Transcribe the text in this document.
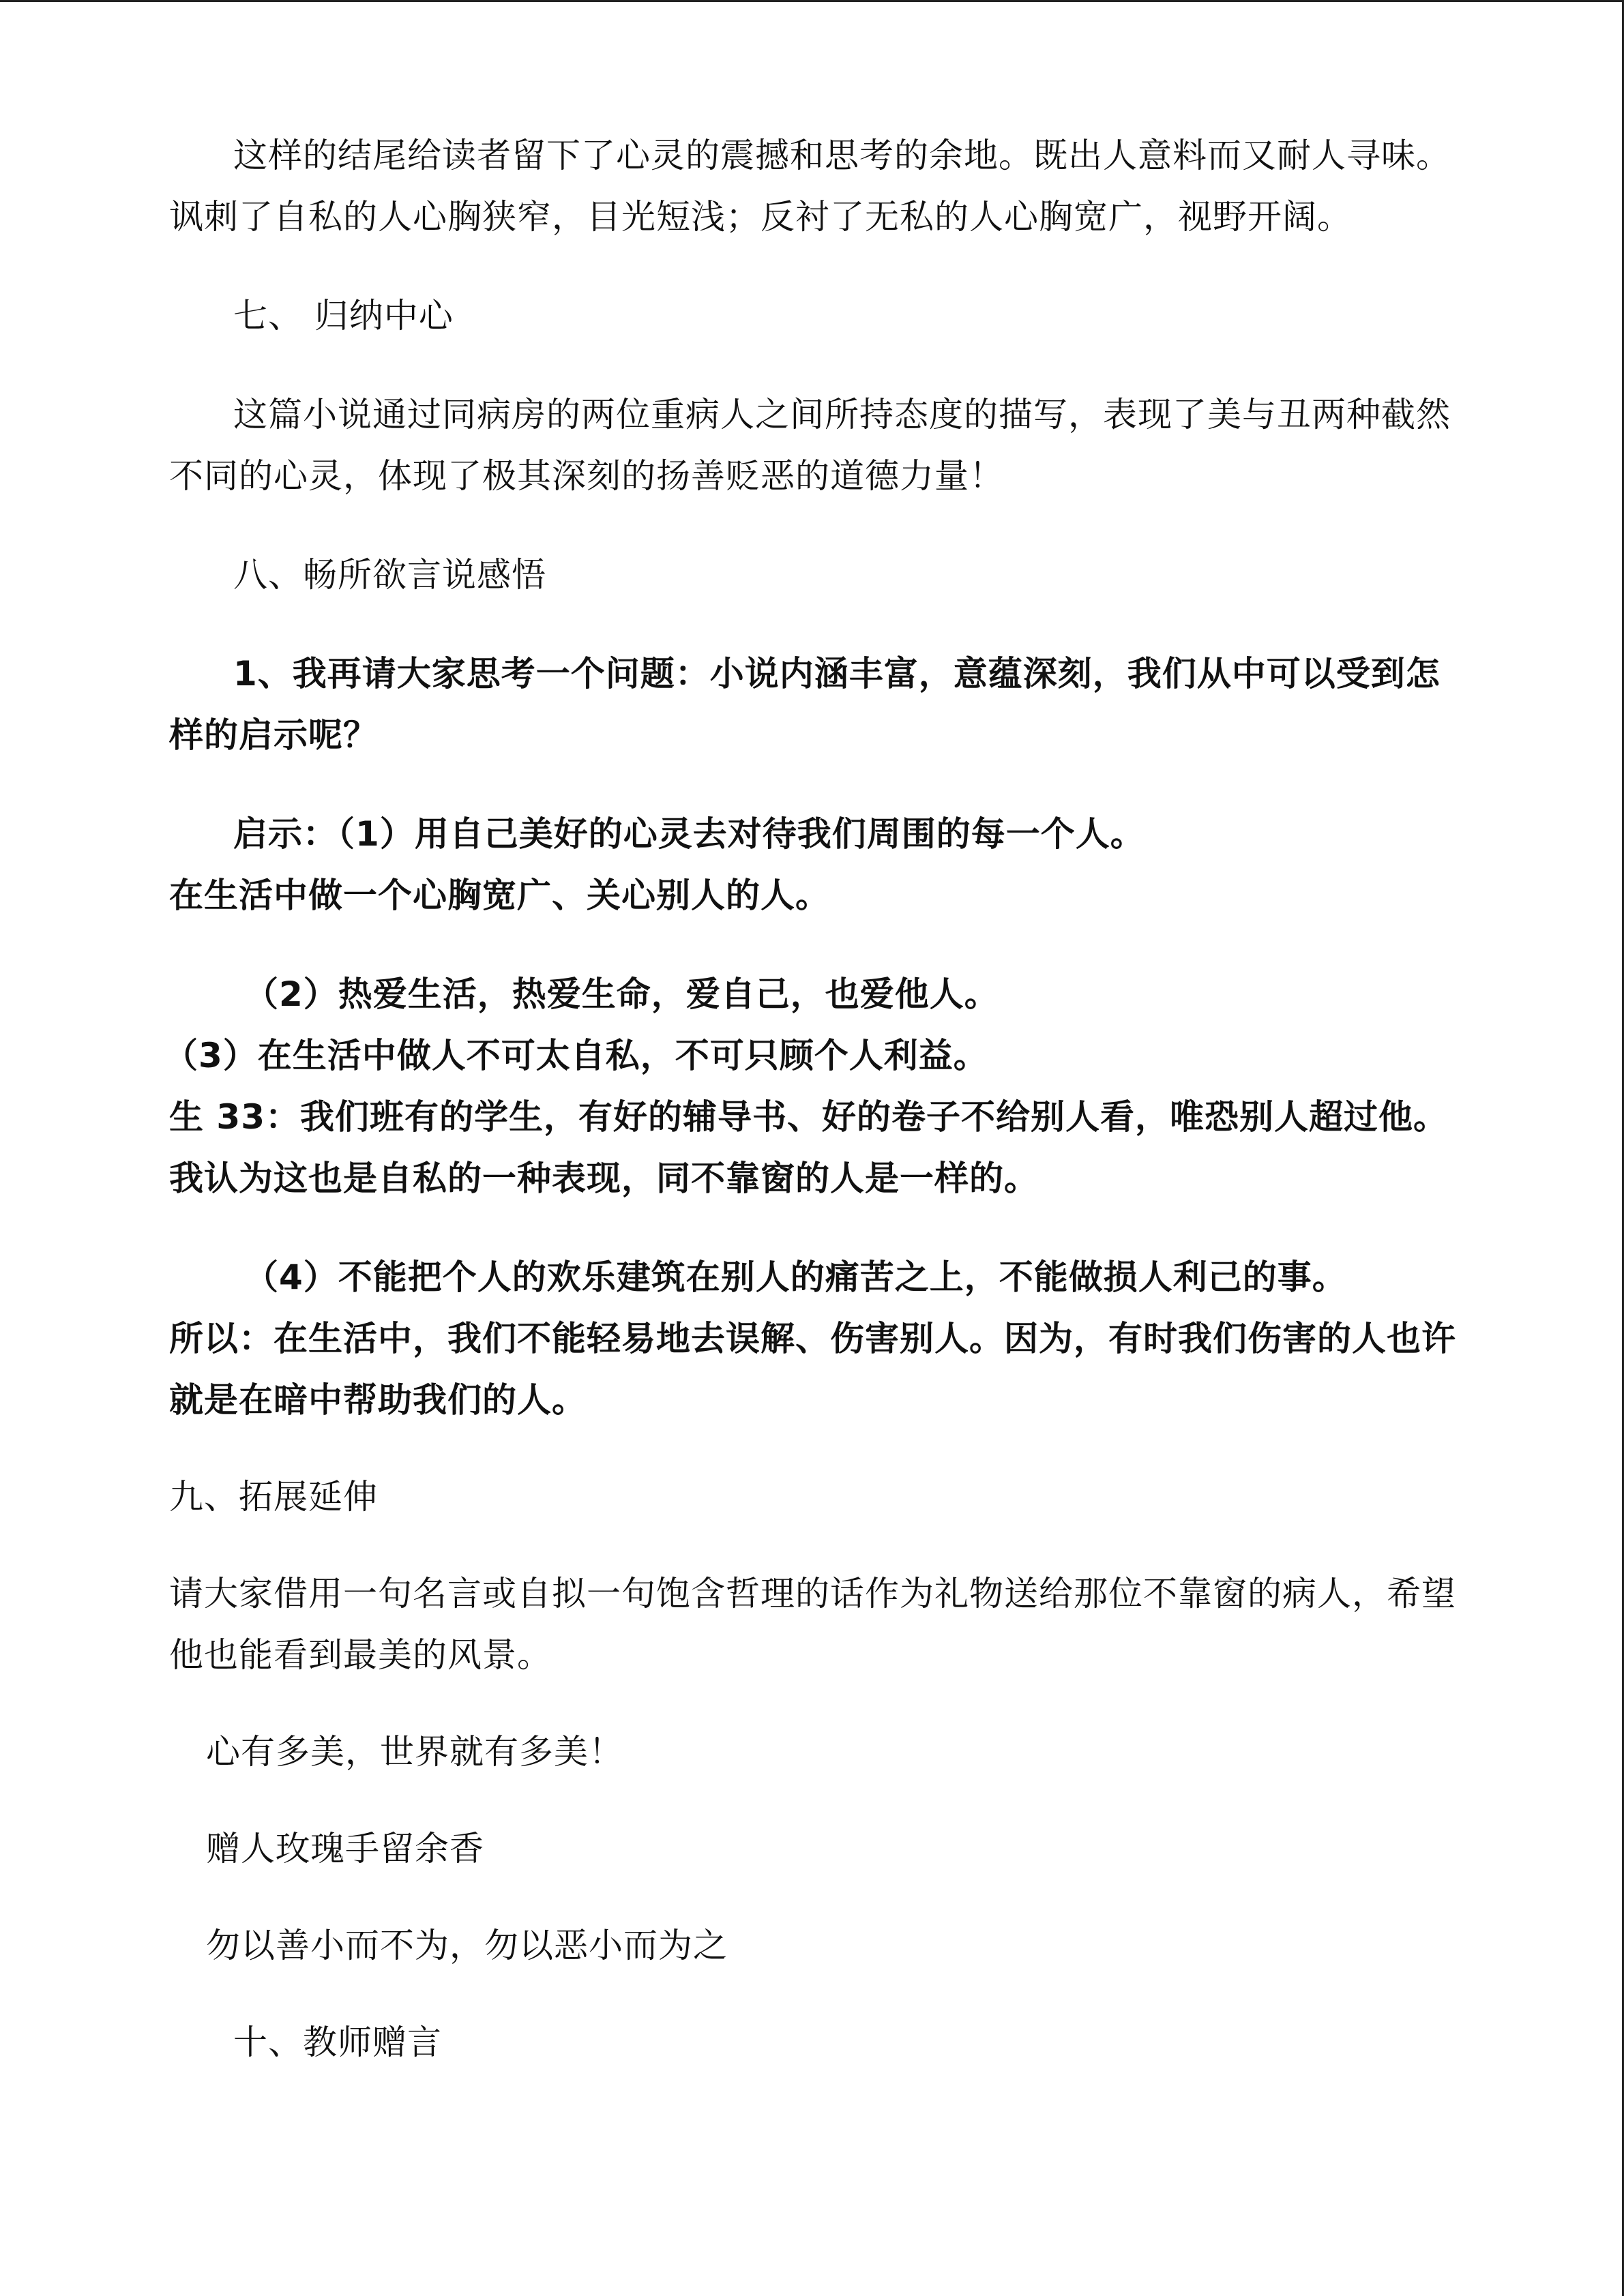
这样的结尾给读者留下了心灵的震撼和思考的余地。既出人意料而又耐人寻味。讽刺了自私的人心胸狭窄，目光短浅；反衬了无私的人心胸宽广，视野开阔。

七、 归纳中心

这篇小说通过同病房的两位重病人之间所持态度的描写，表现了美与丑两种截然不同的心灵，体现了极其深刻的扬善贬恶的道德力量！

八、畅所欲言说感悟

1、我再请大家思考一个问题：小说内涵丰富，意蕴深刻，我们从中可以受到怎样的启示呢？

启示：（1）用自己美好的心灵去对待我们周围的每一个人。

在生活中做一个心胸宽广、关心别人的人。

（2）热爱生活，热爱生命，爱自己，也爱他人。

（3）在生活中做人不可太自私，不可只顾个人利益。

生 33：我们班有的学生，有好的辅导书、好的卷子不给别人看，唯恐别人超过他。我认为这也是自私的一种表现，同不靠窗的人是一样的。

（4）不能把个人的欢乐建筑在别人的痛苦之上，不能做损人利己的事。

所以：在生活中，我们不能轻易地去误解、伤害别人。因为，有时我们伤害的人也许就是在暗中帮助我们的人。

九、拓展延伸

请大家借用一句名言或自拟一句饱含哲理的话作为礼物送给那位不靠窗的病人，希望他也能看到最美的风景。

心有多美，世界就有多美！

赠人玫瑰手留余香

勿以善小而不为，勿以恶小而为之

十、教师赠言
